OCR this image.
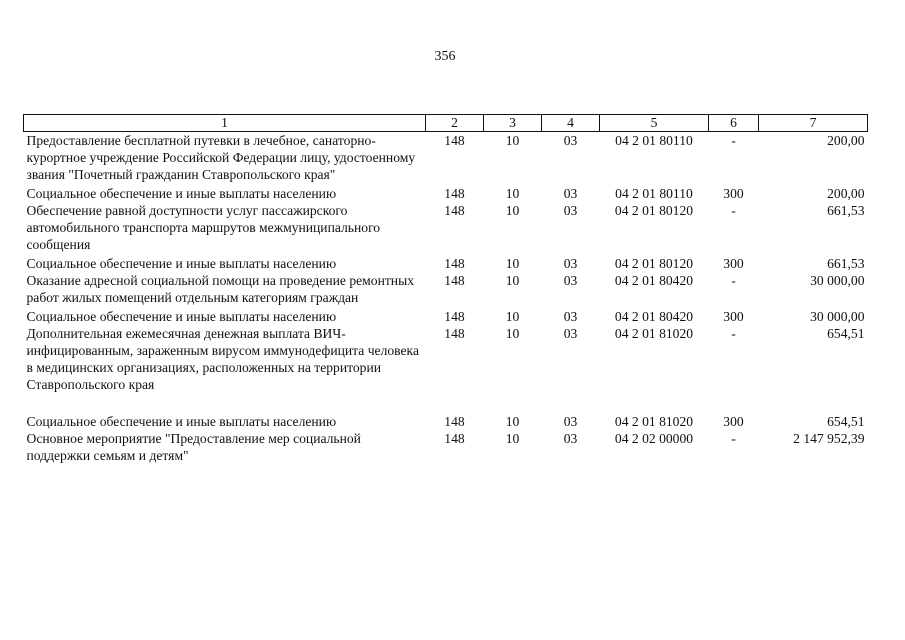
356
1	2	3	4	5	6	7
Предоставление бесплатной путевки в лечебное, санаторно-курортное учреждение Российской Федерации лицу, удостоенному звания "Почетный гражданин Ставропольского края"	148	10	03	04 2 01 80110	-	200,00
Социальное обеспечение и иные выплаты населению	148	10	03	04 2 01 80110	300	200,00
Обеспечение равной доступности услуг пассажирского автомобильного транспорта маршрутов межмуниципального сообщения	148	10	03	04 2 01 80120	-	661,53
Социальное обеспечение и иные выплаты населению	148	10	03	04 2 01 80120	300	661,53
Оказание адресной социальной помощи на проведение ремонтных работ жилых помещений отдельным категориям граждан	148	10	03	04 2 01 80420	-	30 000,00
Социальное обеспечение и иные выплаты населению	148	10	03	04 2 01 80420	300	30 000,00
Дополнительная ежемесячная денежная выплата ВИЧ-инфицированным, зараженным вирусом иммунодефицита человека в медицинских организациях, расположенных на территории Ставропольского края	148	10	03	04 2 01 81020	-	654,51
Социальное обеспечение и иные выплаты населению	148	10	03	04 2 01 81020	300	654,51
Основное мероприятие "Предоставление мер социальной поддержки семьям и детям"	148	10	03	04 2 02 00000	-	2 147 952,39
